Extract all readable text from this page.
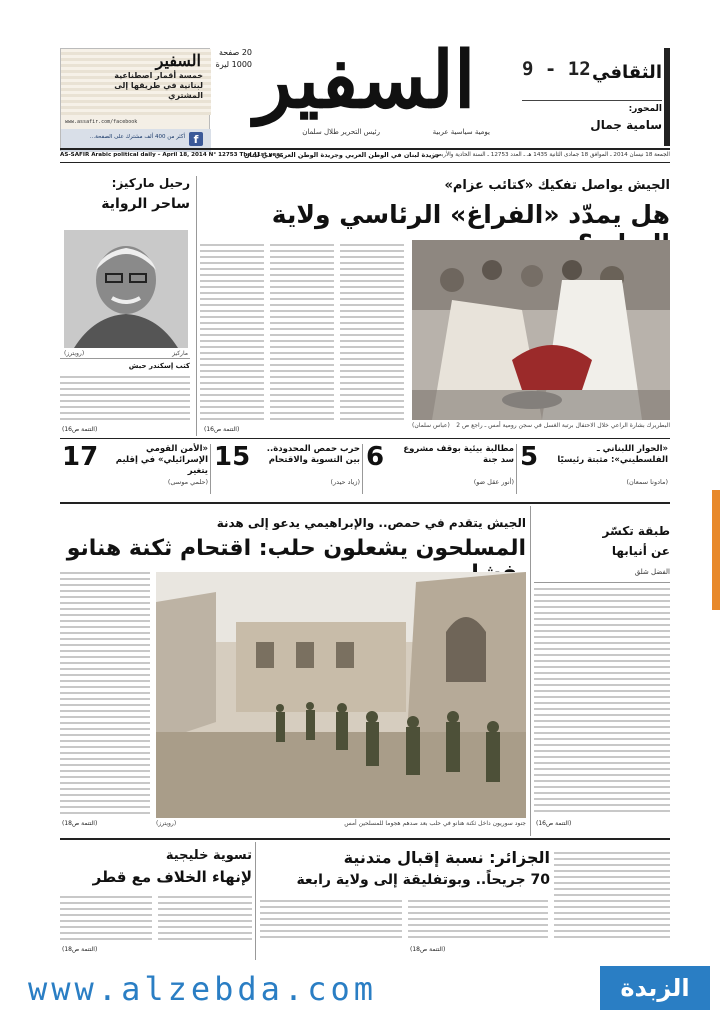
السفير
خمسة أقمار اصطناعية لبنانية في طريقها إلى المشتري
www.assafir.com/facebook
f
أكثر من 400 ألف مشترك على الصفحة...
20 صفحة
1000 ليرة السفير
يومية سياسية عربية
رئيس التحرير طلال سلمان
الثقافي
9 - 12
المحور:
سامية جمال
الجمعة 18 نيسان 2014 ـ الموافق 18 جمادى الثانية 1435 هـ ـ العدد 12753 ـ السنة الحادية والأربعون
جريدة لبنان في الوطن العربي وجريدة الوطن العربي في لبنان
AS-SAFIR Arabic political daily – April 18, 2014 N° 12753 The 41st year
رحيل ماركيز:
ساحر الرواية
ماركيز
(رويترز)
كتب إسكندر حبش
(التتمة ص16)
الجيش يواصل تفكيك «كتائب عزام»
هل يمدّد «الفراغ» الرئاسي ولاية
(التتمة ص16)
(عباس سلمان) البطريرك بشارة الراعي خلال الاحتفال برتبة الغسل في سجن رومية أمس ـ راجع ص 2
5	«الحوار اللبناني ـ الفلسطيني»: مثبتة رئيسيًا
(مادونا سمعان)
6 مطالبة بيئية بوقف مشروع سد جنة
(أنور عقل ضو)
15	حرب حمص المحدودة.. بين التسوية والاقتحام
(زياد حيدر)
17	«الأمن القومي الإسرائيلي» في إقليم يتغير
(حلمي موسى)
الجيش يتقدم في حمص.. والإبراهيمي يدعو إلى هدنة
المسلحون يشعلون حلب: اقتحام ثكنة هنانو
(رويترز)	جنود سوريون داخل ثكنة هنانو في حلب بعد صدهم هجوما للمسلحين أمس
(التتمة ص18)
طبقة تكسّر
عن أنيابها
الفضل شلق
(التتمة ص16)
الجزائر: نسبة إقبال متدنية
70 جريحاً.. وبوتفليقة إلى ولاية رابعة
(التتمة ص18)
تسوية خليجية
لإنهاء الخلاف مع قطر
(التتمة ص18)
www.alzebda.com	الزبدة
